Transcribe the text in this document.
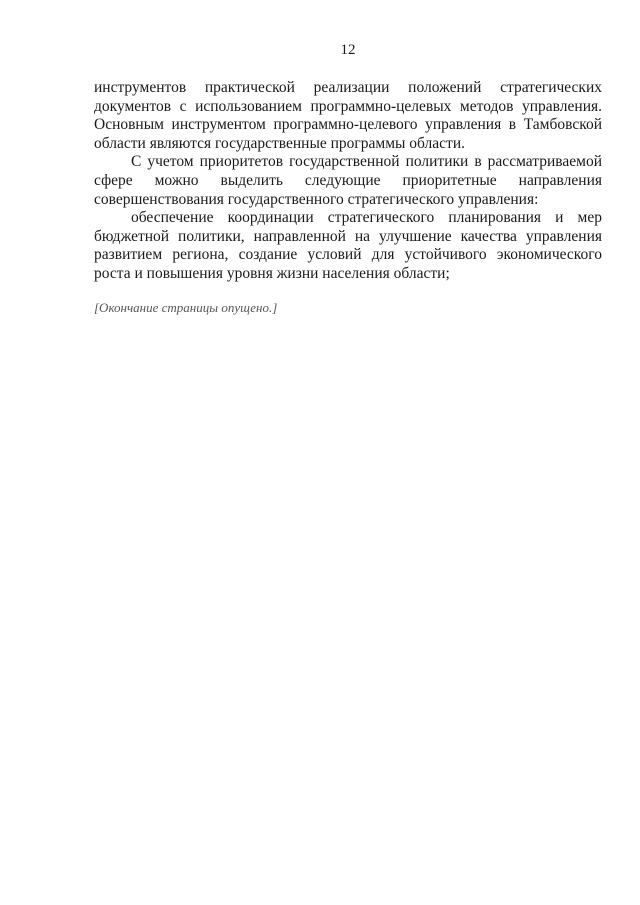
12

инструментов практической реализации положений стратегических документов с использованием программно-целевых методов управления. Основным инструментом программно-целевого управления в Тамбовской области являются государственные программы области.

С учетом приоритетов государственной политики в рассматриваемой сфере можно выделить следующие приоритетные направления совершенствования государственного стратегического управления:

обеспечение координации стратегического планирования и мер бюджетной политики, направленной на улучшение качества управления развитием региона, создание условий для устойчивого экономического роста и повышения уровня жизни населения области;

[Окончание страницы опущено.]
